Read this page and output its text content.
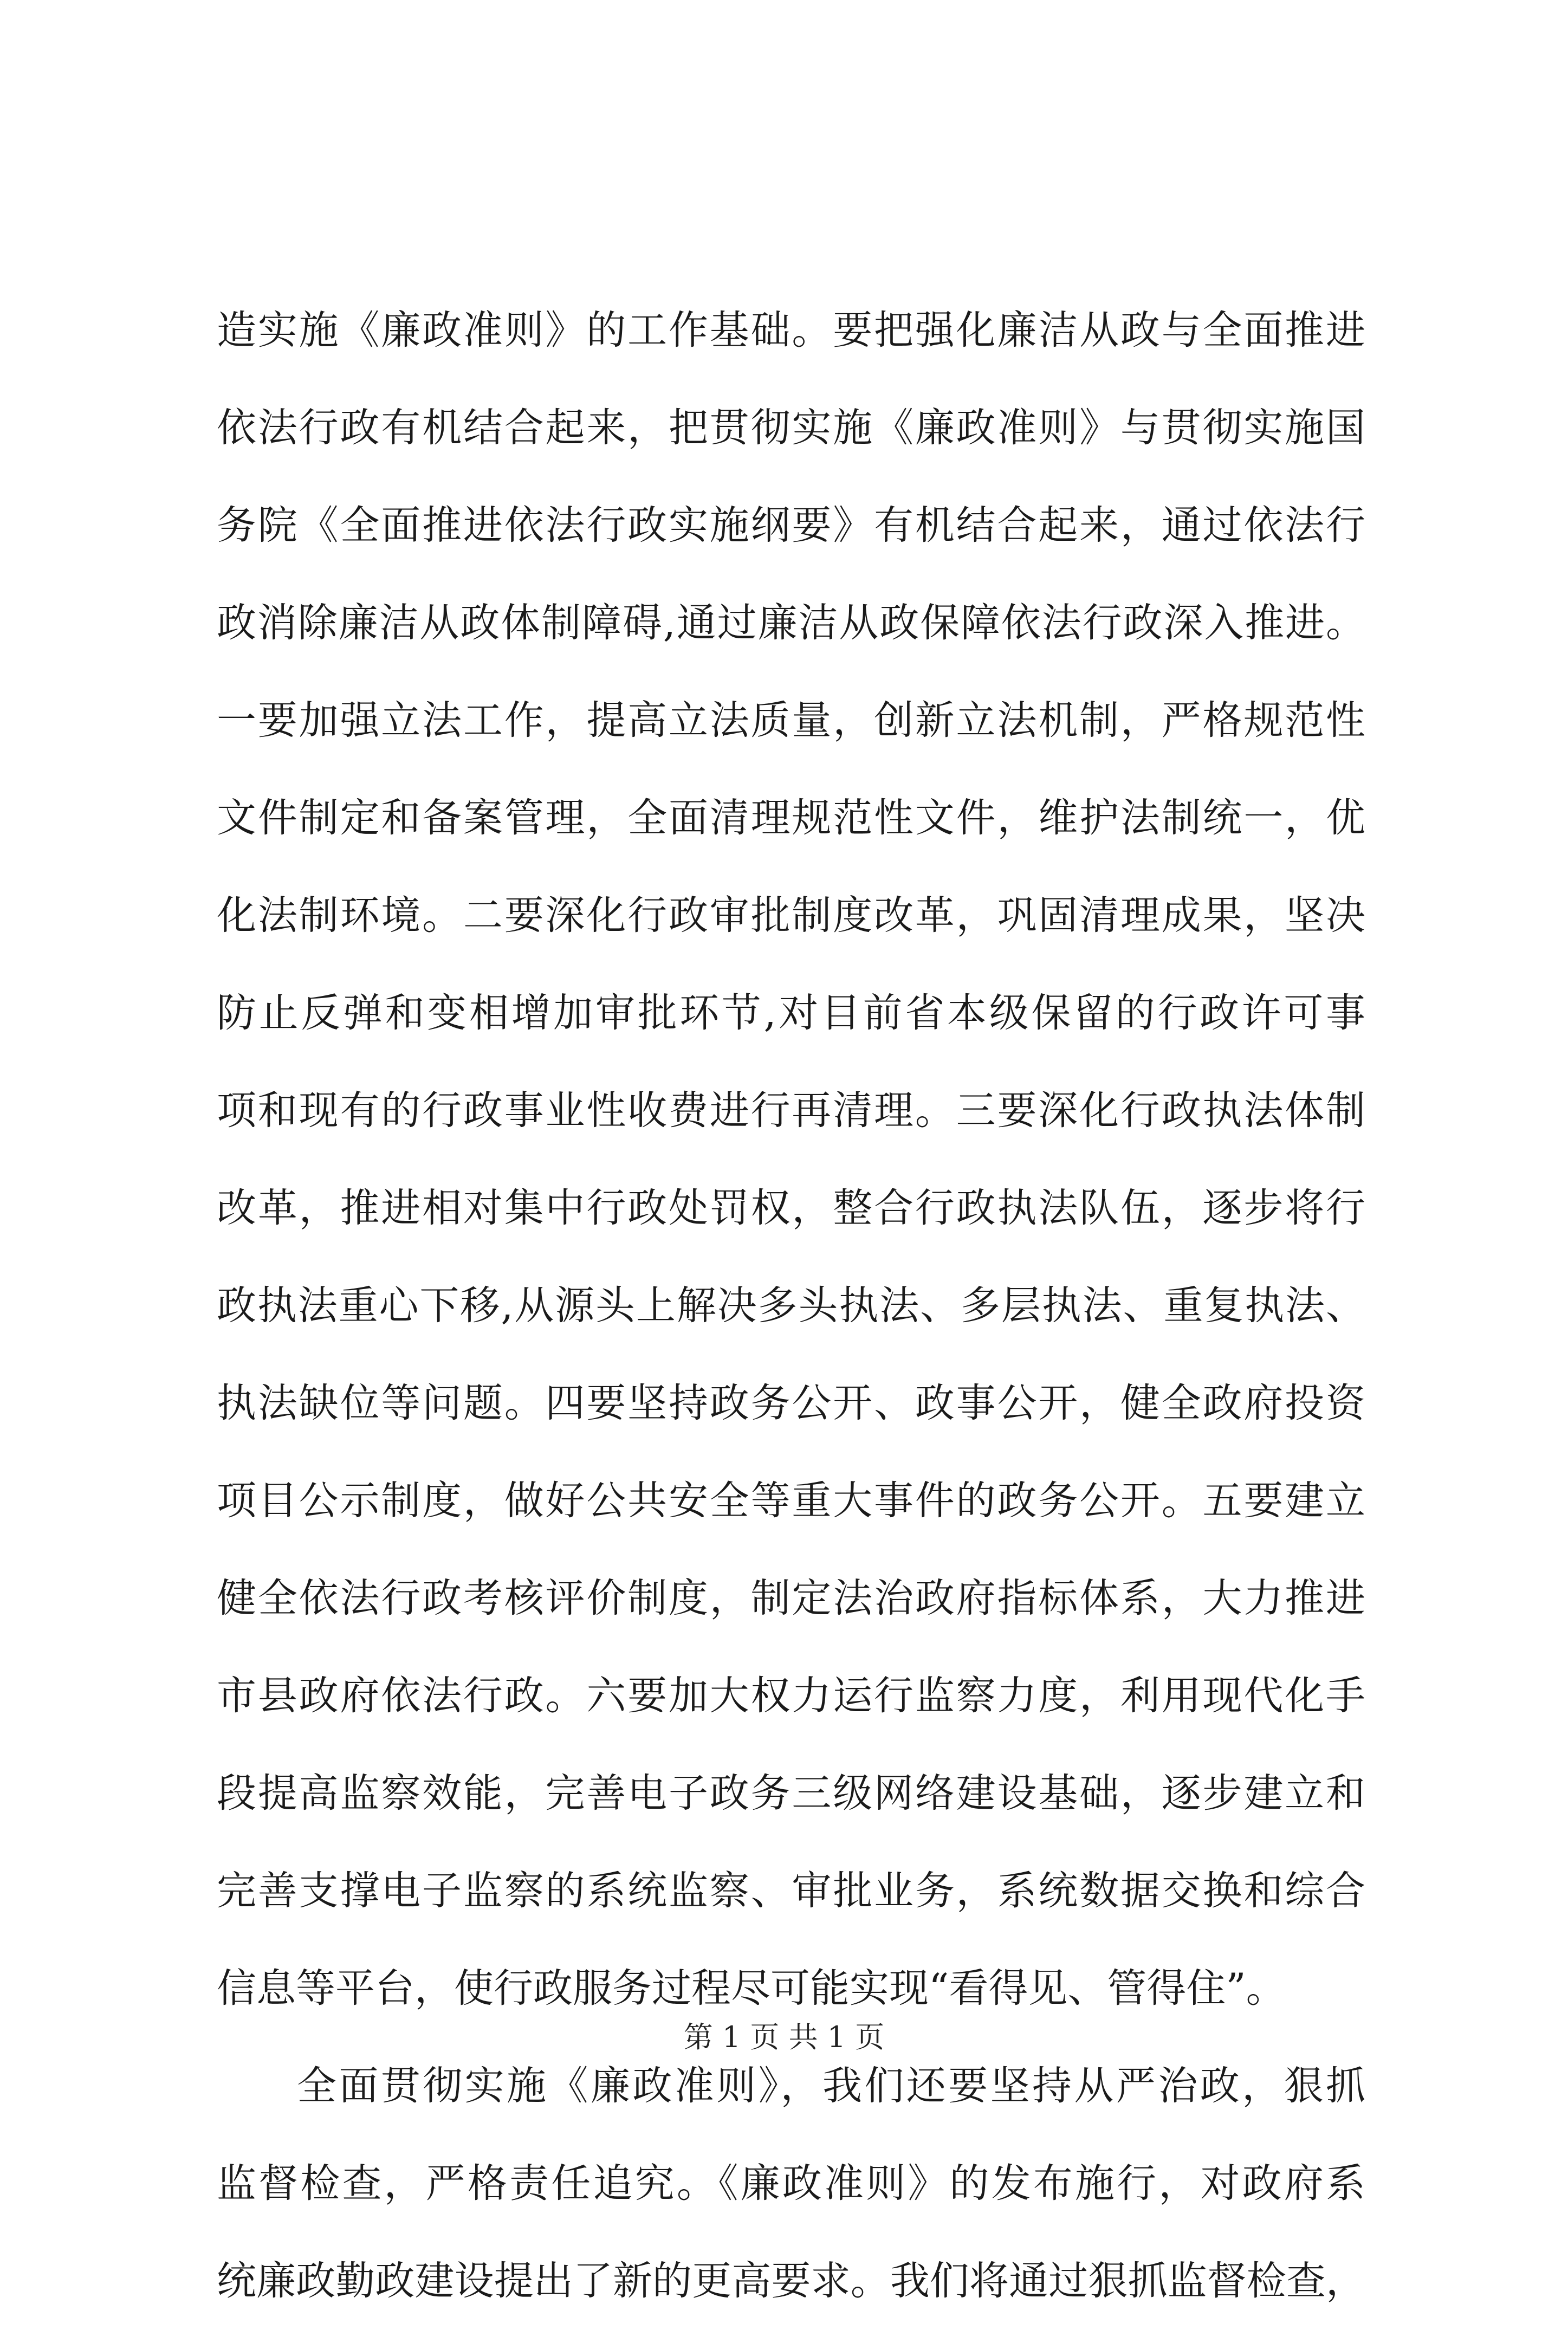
造实施《廉政准则》的工作基础。要把强化廉洁从政与全面推进
依法行政有机结合起来，把贯彻实施《廉政准则》与贯彻实施国
务院《全面推进依法行政实施纲要》有机结合起来，通过依法行
政消除廉洁从政体制障碍,通过廉洁从政保障依法行政深入推进。
一要加强立法工作，提高立法质量，创新立法机制，严格规范性
文件制定和备案管理，全面清理规范性文件，维护法制统一，优
化法制环境。二要深化行政审批制度改革，巩固清理成果，坚决
防止反弹和变相增加审批环节,对目前省本级保留的行政许可事
项和现有的行政事业性收费进行再清理。三要深化行政执法体制
改革，推进相对集中行政处罚权，整合行政执法队伍，逐步将行
政执法重心下移,从源头上解决多头执法、多层执法、重复执法、
执法缺位等问题。四要坚持政务公开、政事公开，健全政府投资
项目公示制度，做好公共安全等重大事件的政务公开。五要建立
健全依法行政考核评价制度，制定法治政府指标体系，大力推进
市县政府依法行政。六要加大权力运行监察力度，利用现代化手
段提高监察效能，完善电子政务三级网络建设基础，逐步建立和
完善支撑电子监察的系统监察、审批业务，系统数据交换和综合
信息等平台，使行政服务过程尽可能实现“看得见、管得住”。
全面贯彻实施《廉政准则》，我们还要坚持从严治政，狠抓
监督检查，严格责任追究。《廉政准则》的发布施行，对政府系
统廉政勤政建设提出了新的更高要求。我们将通过狠抓监督检查，
第 1 页 共 1 页
